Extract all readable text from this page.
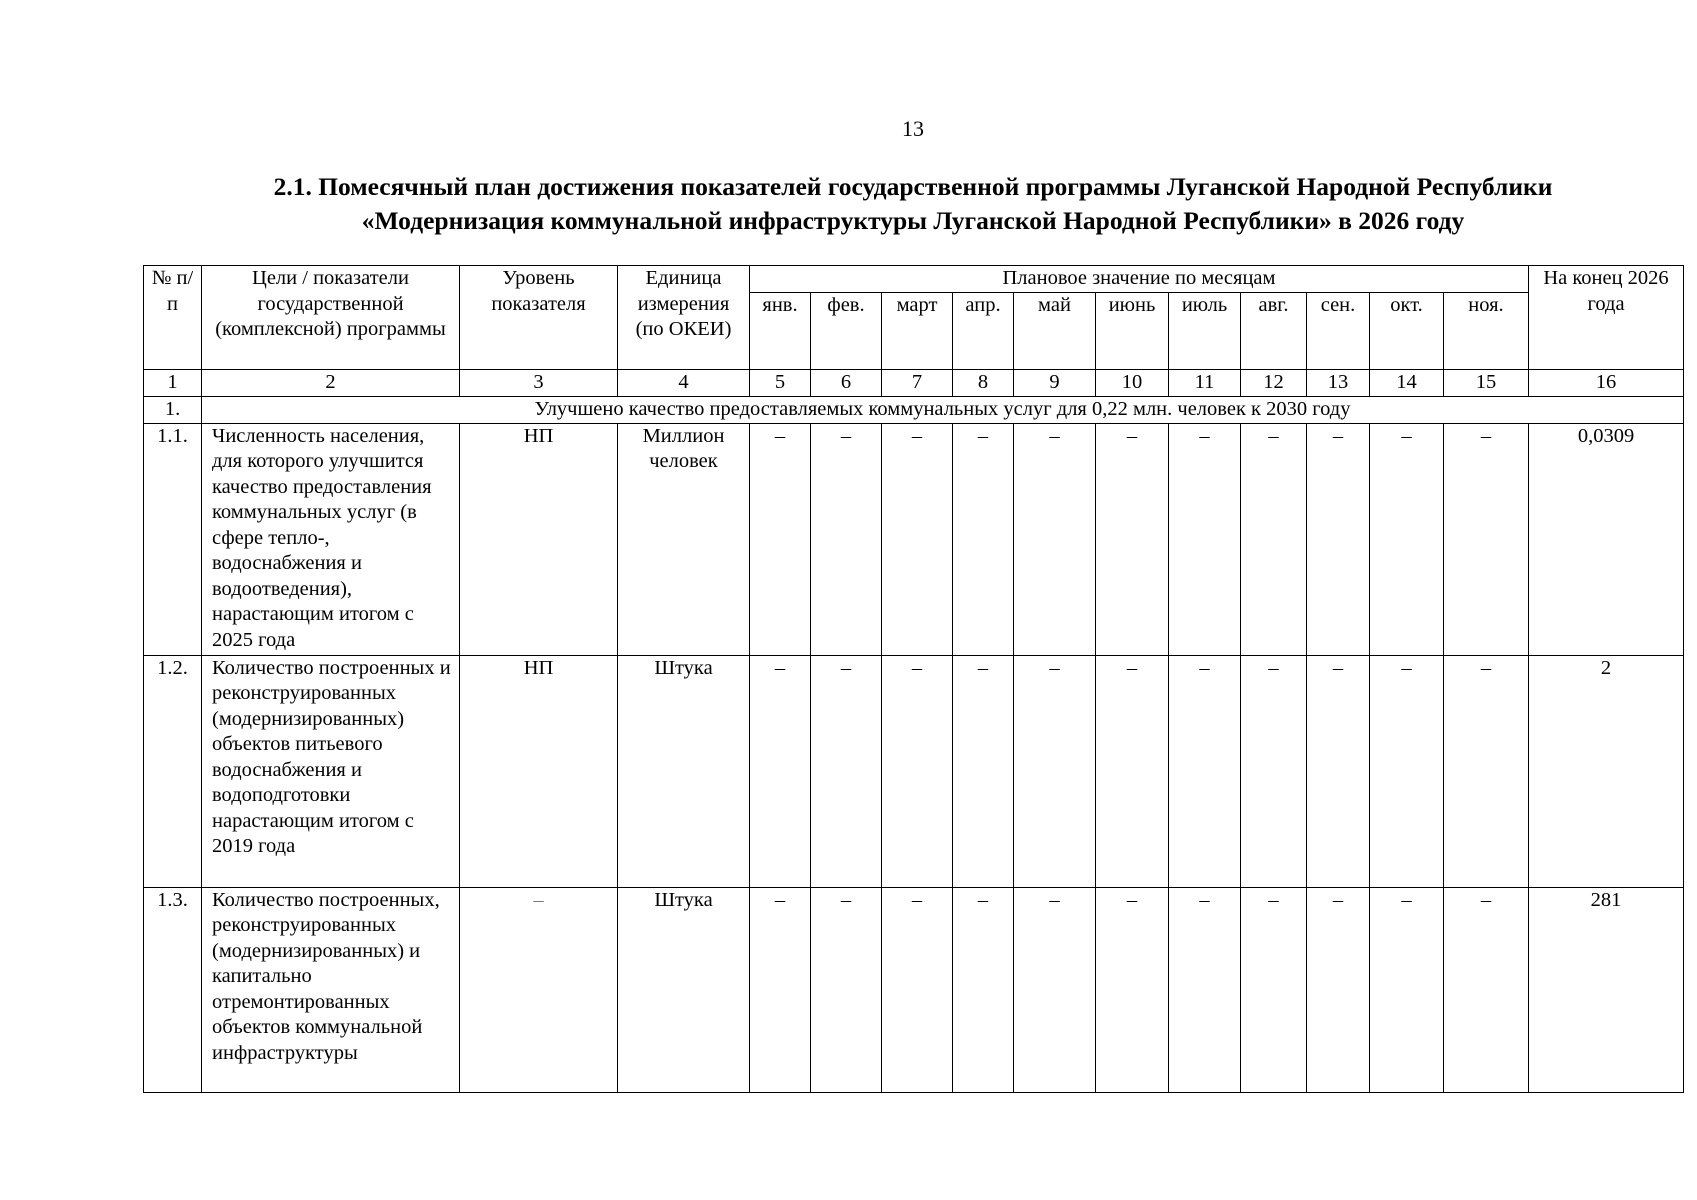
13
2.1. Помесячный план достижения показателей государственной программы Луганской Народной Республики
«Модернизация коммунальной инфраструктуры Луганской Народной Республики» в 2026 году
№ п/п	Цели / показатели государственной (комплексной) программы	Уровень показателя	Единица измерения (по ОКЕИ)	Плановое значение по месяцам											На конец 2026 года
				янв.	фев.	март	апр.	май	июнь	июль	авг.	сен.	окт.	ноя.	
1	2	3	4	5	6	7	8	9	10	11	12	13	14	15	16
1.	Улучшено качество предоставляемых коммунальных услуг для 0,22 млн. человек к 2030 году														
1.1.	Численность населения, для которого улучшится качество предоставления коммунальных услуг (в сфере тепло-, водоснабжения и водоотведения), нарастающим итогом с 2025 года	НП	Миллион человек	–	–	–	–	–	–	–	–	–	–	–	0,0309
1.2.	Количество построенных и реконструированных (модернизированных) объектов питьевого водоснабжения и водоподготовки нарастающим итогом с 2019 года	НП	Штука	–	–	–	–	–	–	–	–	–	–	–	2
1.3.	Количество построенных, реконструированных (модернизированных) и капитально отремонтированных объектов коммунальной инфраструктуры	–	Штука	–	–	–	–	–	–	–	–	–	–	–	281
